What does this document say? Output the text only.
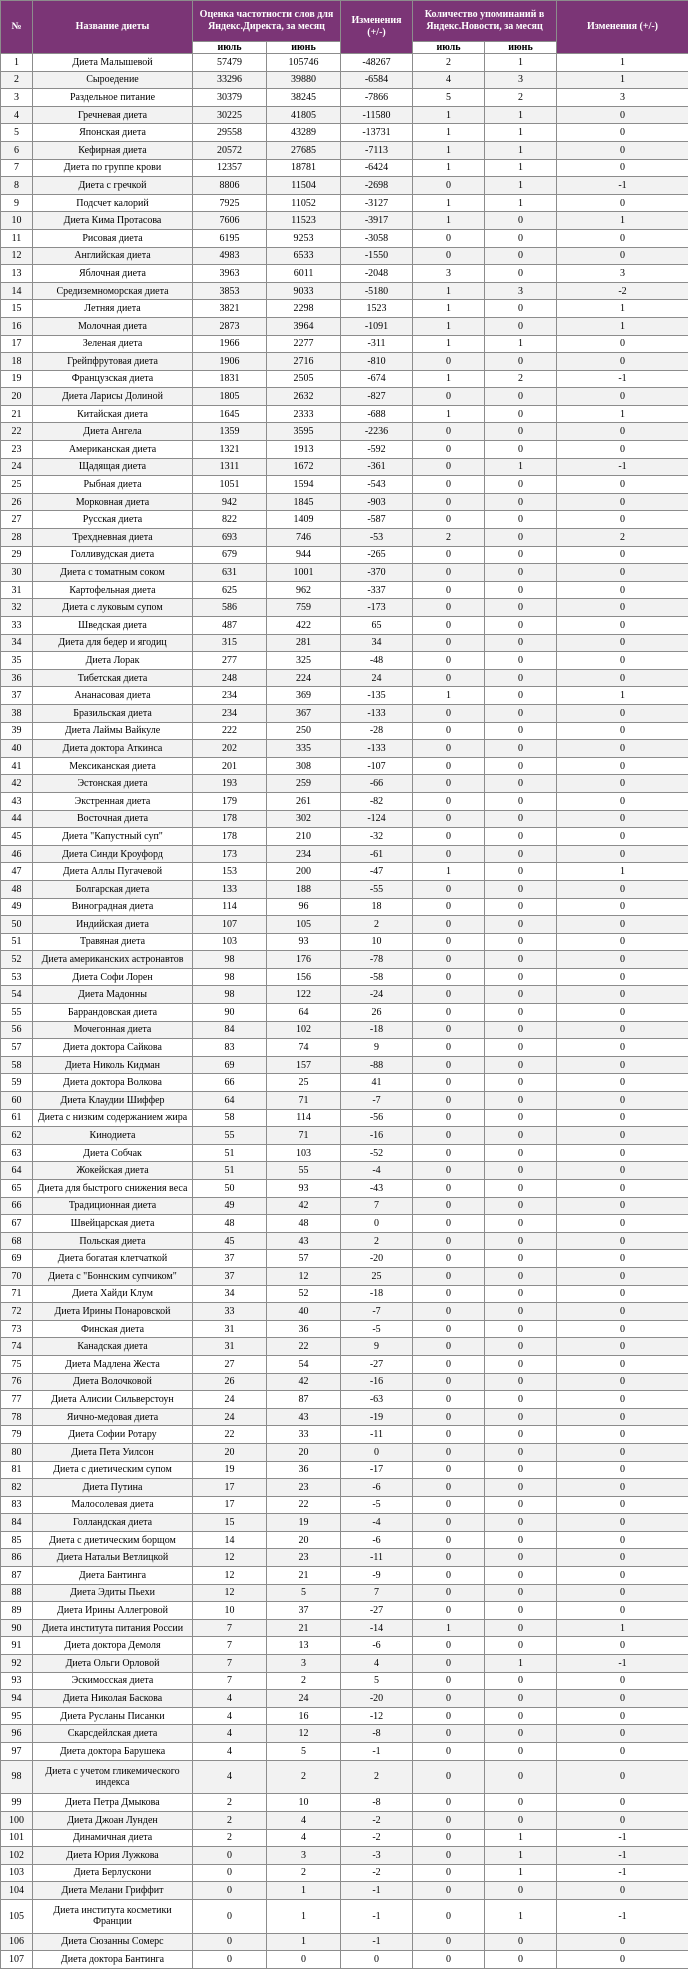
№	Название диеты	Оценка частотности слов для Яндекс.Директа, за месяц		Изменения (+/-)	Количество упоминаний в Яндекс.Новости, за месяц		Изменения (+/-)
		июль	июнь		июль	июнь	
1	Диета Малышевой	57479	105746	-48267	2	1	1
2	Сыроедение	33296	39880	-6584	4	3	1
3	Раздельное питание	30379	38245	-7866	5	2	3
4	Гречневая диета	30225	41805	-11580	1	1	0
5	Японская диета	29558	43289	-13731	1	1	0
6	Кефирная диета	20572	27685	-7113	1	1	0
7	Диета по группе крови	12357	18781	-6424	1	1	0
8	Диета с гречкой	8806	11504	-2698	0	1	-1
9	Подсчет калорий	7925	11052	-3127	1	1	0
10	Диета Кима Протасова	7606	11523	-3917	1	0	1
11	Рисовая диета	6195	9253	-3058	0	0	0
12	Английская диета	4983	6533	-1550	0	0	0
13	Яблочная диета	3963	6011	-2048	3	0	3
14	Средиземноморская диета	3853	9033	-5180	1	3	-2
15	Летняя диета	3821	2298	1523	1	0	1
16	Молочная диета	2873	3964	-1091	1	0	1
17	Зеленая диета	1966	2277	-311	1	1	0
18	Грейпфрутовая диета	1906	2716	-810	0	0	0
19	Французская диета	1831	2505	-674	1	2	-1
20	Диета Ларисы Долиной	1805	2632	-827	0	0	0
21	Китайская диета	1645	2333	-688	1	0	1
22	Диета Ангела	1359	3595	-2236	0	0	0
23	Американская диета	1321	1913	-592	0	0	0
24	Щадящая диета	1311	1672	-361	0	1	-1
25	Рыбная диета	1051	1594	-543	0	0	0
26	Морковная диета	942	1845	-903	0	0	0
27	Русская диета	822	1409	-587	0	0	0
28	Трехдневная диета	693	746	-53	2	0	2
29	Голливудская диета	679	944	-265	0	0	0
30	Диета с томатным соком	631	1001	-370	0	0	0
31	Картофельная диета	625	962	-337	0	0	0
32	Диета с луковым супом	586	759	-173	0	0	0
33	Шведская диета	487	422	65	0	0	0
34	Диета для бедер и ягодиц	315	281	34	0	0	0
35	Диета Лорак	277	325	-48	0	0	0
36	Тибетская диета	248	224	24	0	0	0
37	Ананасовая диета	234	369	-135	1	0	1
38	Бразильская диета	234	367	-133	0	0	0
39	Диета Лаймы Вайкуле	222	250	-28	0	0	0
40	Диета доктора Аткинса	202	335	-133	0	0	0
41	Мексиканская диета	201	308	-107	0	0	0
42	Эстонская диета	193	259	-66	0	0	0
43	Экстренная диета	179	261	-82	0	0	0
44	Восточная диета	178	302	-124	0	0	0
45	Диета "Капустный суп"	178	210	-32	0	0	0
46	Диета Синди Кроуфорд	173	234	-61	0	0	0
47	Диета Аллы Пугачевой	153	200	-47	1	0	1
48	Болгарская диета	133	188	-55	0	0	0
49	Виноградная диета	114	96	18	0	0	0
50	Индийская диета	107	105	2	0	0	0
51	Травяная диета	103	93	10	0	0	0
52	Диета американских астронавтов	98	176	-78	0	0	0
53	Диета Софи Лорен	98	156	-58	0	0	0
54	Диета Мадонны	98	122	-24	0	0	0
55	Баррандовская диета	90	64	26	0	0	0
56	Мочегонная диета	84	102	-18	0	0	0
57	Диета доктора Сайкова	83	74	9	0	0	0
58	Диета Николь Кидман	69	157	-88	0	0	0
59	Диета доктора Волкова	66	25	41	0	0	0
60	Диета Клаудии Шиффер	64	71	-7	0	0	0
61	Диета с низким содержанием жира	58	114	-56	0	0	0
62	Кинодиета	55	71	-16	0	0	0
63	Диета Собчак	51	103	-52	0	0	0
64	Жокейская диета	51	55	-4	0	0	0
65	Диета для быстрого снижения веса	50	93	-43	0	0	0
66	Традиционная диета	49	42	7	0	0	0
67	Швейцарская диета	48	48	0	0	0	0
68	Польская диета	45	43	2	0	0	0
69	Диета богатая клетчаткой	37	57	-20	0	0	0
70	Диета с "Боннским супчиком"	37	12	25	0	0	0
71	Диета Хайди Клум	34	52	-18	0	0	0
72	Диета Ирины Понаровской	33	40	-7	0	0	0
73	Финская диета	31	36	-5	0	0	0
74	Канадская диета	31	22	9	0	0	0
75	Диета Мадлена Жеста	27	54	-27	0	0	0
76	Диета Волочковой	26	42	-16	0	0	0
77	Диета Алисии Сильверстоун	24	87	-63	0	0	0
78	Яично-медовая диета	24	43	-19	0	0	0
79	Диета Софии Ротару	22	33	-11	0	0	0
80	Диета Пета Уилсон	20	20	0	0	0	0
81	Диета с диетическим супом	19	36	-17	0	0	0
82	Диета Путина	17	23	-6	0	0	0
83	Малосолевая диета	17	22	-5	0	0	0
84	Голландская диета	15	19	-4	0	0	0
85	Диета с диетическим борщом	14	20	-6	0	0	0
86	Диета Натальи Ветлицкой	12	23	-11	0	0	0
87	Диета Бантинга	12	21	-9	0	0	0
88	Диета Эдиты Пьехи	12	5	7	0	0	0
89	Диета Ирины Аллегровой	10	37	-27	0	0	0
90	Диета института питания России	7	21	-14	1	0	1
91	Диета доктора Демоля	7	13	-6	0	0	0
92	Диета Ольги Орловой	7	3	4	0	1	-1
93	Эскимосская диета	7	2	5	0	0	0
94	Диета Николая Баскова	4	24	-20	0	0	0
95	Диета Русланы Писанки	4	16	-12	0	0	0
96	Скарсдейлская диета	4	12	-8	0	0	0
97	Диета доктора Барушека	4	5	-1	0	0	0
98	Диета с учетом гликемического индекса	4	2	2	0	0	0
99	Диета Петра Дмыкова	2	10	-8	0	0	0
100	Диета Джоан Лунден	2	4	-2	0	0	0
101	Динамичная диета	2	4	-2	0	1	-1
102	Диета Юрия Лужкова	0	3	-3	0	1	-1
103	Диета Берлускони	0	2	-2	0	1	-1
104	Диета Мелани Гриффит	0	1	-1	0	0	0
105	Диета института косметики Франции	0	1	-1	0	1	-1
106	Диета Сюзанны Сомерс	0	1	-1	0	0	0
107	Диета доктора Бантинга	0	0	0	0	0	0
